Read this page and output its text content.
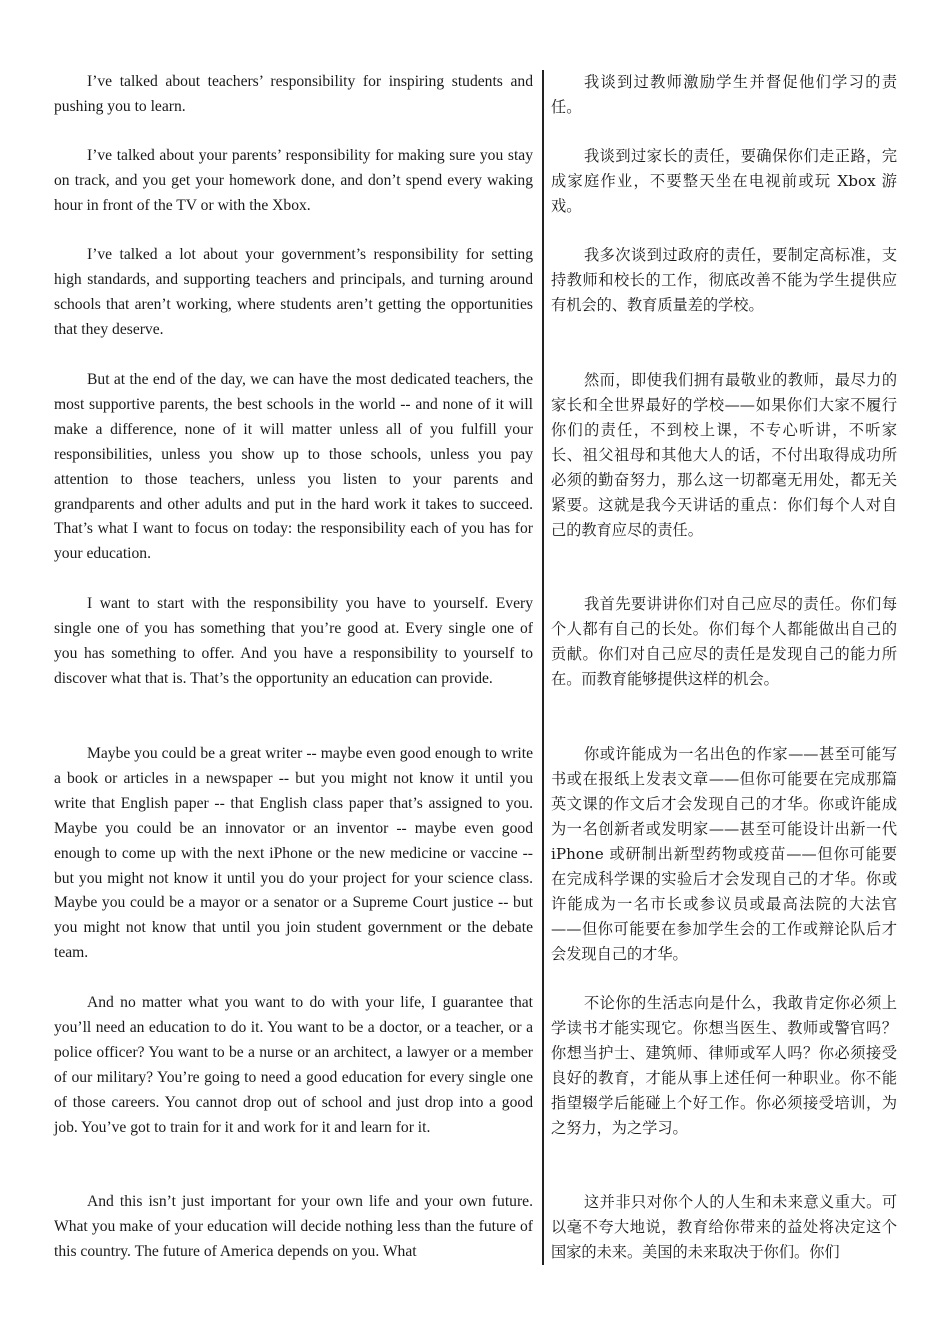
I’ve talked about teachers’ responsibility for inspiring students and pushing you to learn.

I’ve talked about your parents’ responsibility for making sure you stay on track, and you get your homework done, and don’t spend every waking hour in front of the TV or with the Xbox.

I’ve talked a lot about your government’s responsibility for setting high standards, and supporting teachers and principals, and turning around schools that aren’t working, where students aren’t getting the opportunities that they deserve.

But at the end of the day, we can have the most dedicated teachers, the most supportive parents, the best schools in the world -- and none of it will make a difference, none of it will matter unless all of you fulfill your responsibilities, unless you show up to those schools, unless you pay attention to those teachers, unless you listen to your parents and grandparents and other adults and put in the hard work it takes to succeed. That’s what I want to focus on today: the responsibility each of you has for your education.

I want to start with the responsibility you have to yourself. Every single one of you has something that you’re good at. Every single one of you has something to offer. And you have a responsibility to yourself to discover what that is. That’s the opportunity an education can provide.

Maybe you could be a great writer -- maybe even good enough to write a book or articles in a newspaper -- but you might not know it until you write that English paper -- that English class paper that’s assigned to you. Maybe you could be an innovator or an inventor -- maybe even good enough to come up with the next iPhone or the new medicine or vaccine -- but you might not know it until you do your project for your science class. Maybe you could be a mayor or a senator or a Supreme Court justice -- but you might not know that until you join student government or the debate team.

And no matter what you want to do with your life, I guarantee that you’ll need an education to do it. You want to be a doctor, or a teacher, or a police officer? You want to be a nurse or an architect, a lawyer or a member of our military? You’re going to need a good education for every single one of those careers. You cannot drop out of school and just drop into a good job. You’ve got to train for it and work for it and learn for it.

And this isn’t just important for your own life and your own future. What you make of your education will decide nothing less than the future of this country. The future of America depends on you. What

我谈到过教师激励学生并督促他们学习的责任。

我谈到过家长的责任，要确保你们走正路，完成家庭作业，不要整天坐在电视前或玩 Xbox 游戏。

我多次谈到过政府的责任，要制定高标准，支持教师和校长的工作，彻底改善不能为学生提供应有机会的、教育质量差的学校。

然而，即使我们拥有最敬业的教师，最尽力的家长和全世界最好的学校——如果你们大家不履行你们的责任，不到校上课，不专心听讲，不听家长、祖父祖母和其他大人的话，不付出取得成功所必须的勤奋努力，那么这一切都毫无用处，都无关紧要。这就是我今天讲话的重点：你们每个人对自己的教育应尽的责任。

我首先要讲讲你们对自己应尽的责任。你们每个人都有自己的长处。你们每个人都能做出自己的贡献。你们对自己应尽的责任是发现自己的能力所在。而教育能够提供这样的机会。

你或许能成为一名出色的作家——甚至可能写书或在报纸上发表文章——但你可能要在完成那篇英文课的作文后才会发现自己的才华。你或许能成为一名创新者或发明家——甚至可能设计出新一代 iPhone 或研制出新型药物或疫苗——但你可能要在完成科学课的实验后才会发现自己的才华。你或许能成为一名市长或参议员或最高法院的大法官——但你可能要在参加学生会的工作或辩论队后才会发现自己的才华。

不论你的生活志向是什么，我敢肯定你必须上学读书才能实现它。你想当医生、教师或警官吗？你想当护士、建筑师、律师或军人吗？你必须接受良好的教育，才能从事上述任何一种职业。你不能指望辍学后能碰上个好工作。你必须接受培训，为之努力，为之学习。

这并非只对你个人的人生和未来意义重大。可以毫不夸大地说，教育给你带来的益处将决定这个国家的未来。美国的未来取决于你们。你们
